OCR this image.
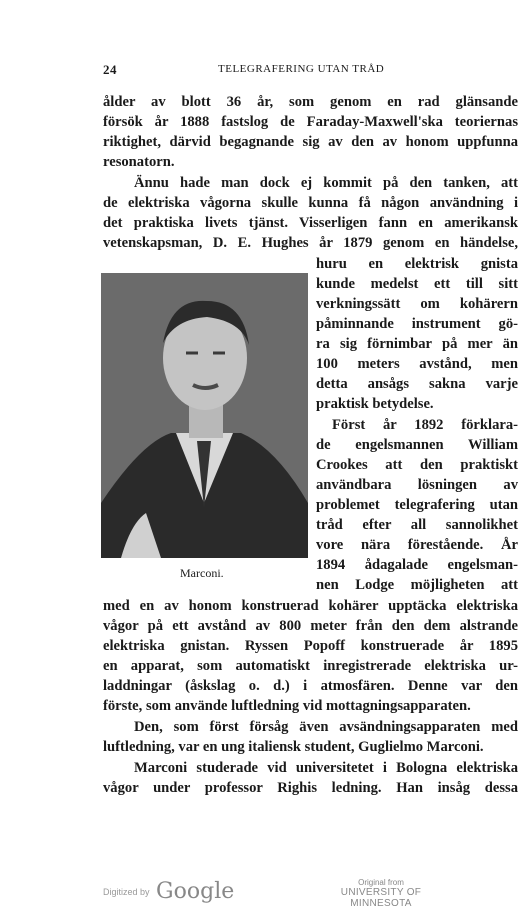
24	TELEGRAFERING UTAN TRÅD
Marconi.
ålder av blott 36 år, som genom en rad glänsande
försök år 1888 fastslog de Faraday-Maxwell'ska teoriernas
riktighet, därvid begagnande sig av den av honom uppfunna
resonatorn.
Ännu hade man dock ej kommit på den tanken, att
de elektriska vågorna skulle kunna få någon användning i
det praktiska livets tjänst. Visserligen fann en amerikansk
vetenskapsman, D. E. Hughes år 1879 genom en händelse,
huru en elektrisk gnista
kunde medelst ett till sitt
verkningssätt om kohärern
påminnande instrument gö-
ra sig förnimbar på mer än
100 meters avstånd, men
detta ansågs sakna varje
praktisk betydelse.
Först år 1892 förklara-
de engelsmannen William
Crookes att den praktiskt
användbara lösningen av
problemet telegrafering utan
tråd efter all sannolikhet
vore nära förestående. År
1894 ådagalade engelsman-
nen Lodge möjligheten att
med en av honom konstruerad kohärer upptäcka elektriska
vågor på ett avstånd av 800 meter från den dem alstrande
elektriska gnistan. Ryssen Popoff konstruerade år 1895
en apparat, som automatiskt inregistrerade elektriska ur-
laddningar (åskslag o. d.) i atmosfären. Denne var den
förste, som använde luftledning vid mottagningsapparaten.
Den, som först försåg även avsändningsapparaten med
luftledning, var en ung italiensk student, Guglielmo Marconi.
Marconi studerade vid universitetet i Bologna elektriska
vågor under professor Righis ledning. Han insåg dessa
Digitized by Google	Original from
UNIVERSITY OF MINNESOTA
